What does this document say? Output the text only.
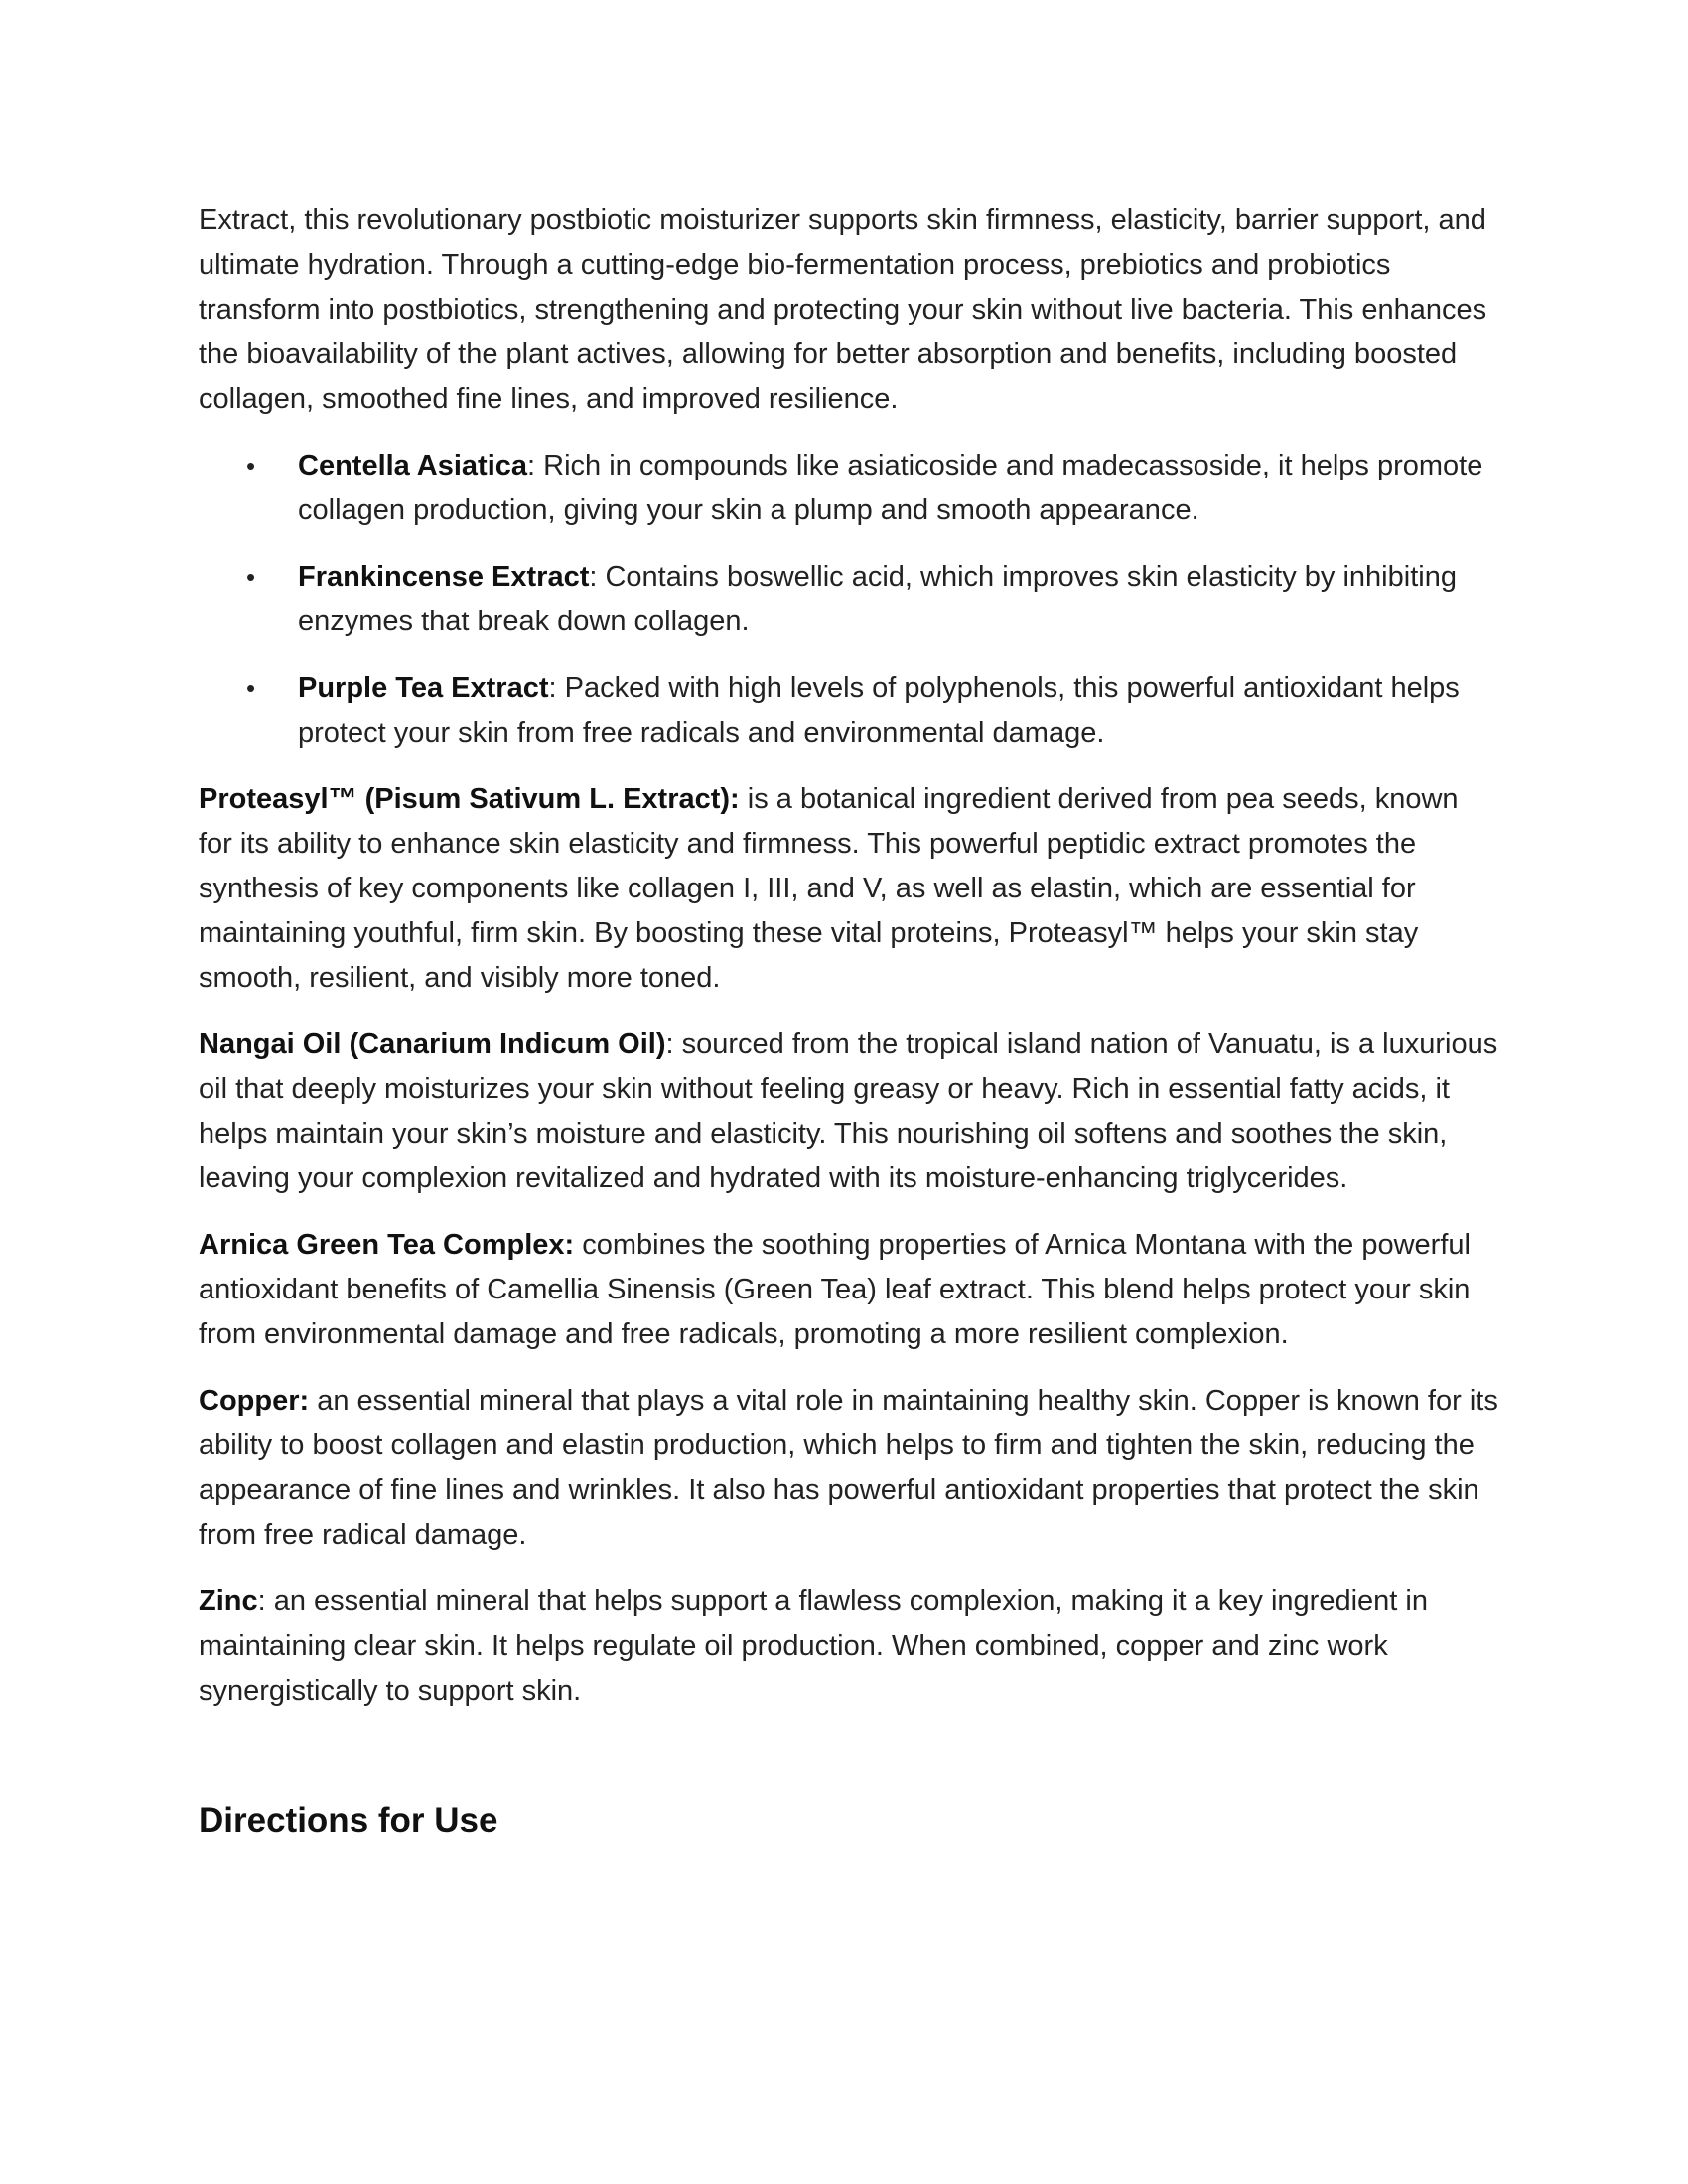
Extract, this revolutionary postbiotic moisturizer supports skin firmness, elasticity, barrier support, and ultimate hydration. Through a cutting-edge bio-fermentation process, prebiotics and probiotics transform into postbiotics, strengthening and protecting your skin without live bacteria. This enhances the bioavailability of the plant actives, allowing for better absorption and benefits, including boosted collagen, smoothed fine lines, and improved resilience.

• Centella Asiatica: Rich in compounds like asiaticoside and madecassoside, it helps promote collagen production, giving your skin a plump and smooth appearance.
• Frankincense Extract: Contains boswellic acid, which improves skin elasticity by inhibiting enzymes that break down collagen.
• Purple Tea Extract: Packed with high levels of polyphenols, this powerful antioxidant helps protect your skin from free radicals and environmental damage.

Proteasyl™ (Pisum Sativum L. Extract): is a botanical ingredient derived from pea seeds, known for its ability to enhance skin elasticity and firmness. This powerful peptidic extract promotes the synthesis of key components like collagen I, III, and V, as well as elastin, which are essential for maintaining youthful, firm skin. By boosting these vital proteins, Proteasyl™ helps your skin stay smooth, resilient, and visibly more toned.

Nangai Oil (Canarium Indicum Oil): sourced from the tropical island nation of Vanuatu, is a luxurious oil that deeply moisturizes your skin without feeling greasy or heavy. Rich in essential fatty acids, it helps maintain your skin’s moisture and elasticity. This nourishing oil softens and soothes the skin, leaving your complexion revitalized and hydrated with its moisture-enhancing triglycerides.

Arnica Green Tea Complex: combines the soothing properties of Arnica Montana with the powerful antioxidant benefits of Camellia Sinensis (Green Tea) leaf extract. This blend helps protect your skin from environmental damage and free radicals, promoting a more resilient complexion.

Copper: an essential mineral that plays a vital role in maintaining healthy skin. Copper is known for its ability to boost collagen and elastin production, which helps to firm and tighten the skin, reducing the appearance of fine lines and wrinkles. It also has powerful antioxidant properties that protect the skin from free radical damage.

Zinc: an essential mineral that helps support a flawless complexion, making it a key ingredient in maintaining clear skin. It helps regulate oil production. When combined, copper and zinc work synergistically to support skin.

Directions for Use
